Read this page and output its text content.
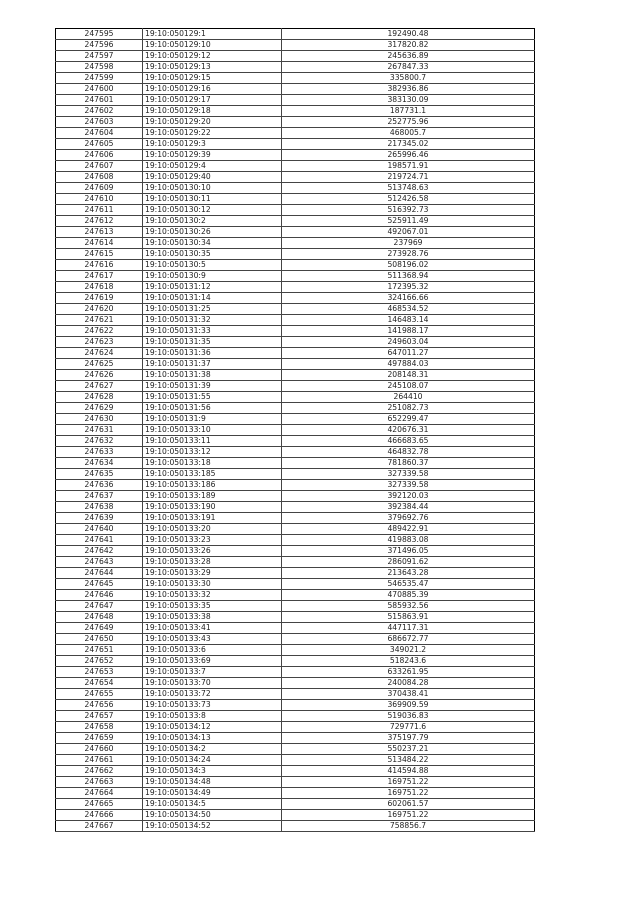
247595	19:10:050129:1	192490.48
247596	19:10:050129:10	317820.82
247597	19:10:050129:12	245636.89
247598	19:10:050129:13	267847.33
247599	19:10:050129:15	335800.7
247600	19:10:050129:16	382936.86
247601	19:10:050129:17	383130.09
247602	19:10:050129:18	187731.1
247603	19:10:050129:20	252775.96
247604	19:10:050129:22	468005.7
247605	19:10:050129:3	217345.02
247606	19:10:050129:39	265996.46
247607	19:10:050129:4	198571.91
247608	19:10:050129:40	219724.71
247609	19:10:050130:10	513748.63
247610	19:10:050130:11	512426.58
247611	19:10:050130:12	516392.73
247612	19:10:050130:2	525911.49
247613	19:10:050130:26	492067.01
247614	19:10:050130:34	237969
247615	19:10:050130:35	273928.76
247616	19:10:050130:5	508196.02
247617	19:10:050130:9	511368.94
247618	19:10:050131:12	172395.32
247619	19:10:050131:14	324166.66
247620	19:10:050131:25	468534.52
247621	19:10:050131:32	146483.14
247622	19:10:050131:33	141988.17
247623	19:10:050131:35	249603.04
247624	19:10:050131:36	647011.27
247625	19:10:050131:37	497884.03
247626	19:10:050131:38	208148.31
247627	19:10:050131:39	245108.07
247628	19:10:050131:55	264410
247629	19:10:050131:56	251082.73
247630	19:10:050131:9	652299.47
247631	19:10:050133:10	420676.31
247632	19:10:050133:11	466683.65
247633	19:10:050133:12	464832.78
247634	19:10:050133:18	781860.37
247635	19:10:050133:185	327339.58
247636	19:10:050133:186	327339.58
247637	19:10:050133:189	392120.03
247638	19:10:050133:190	392384.44
247639	19:10:050133:191	379692.76
247640	19:10:050133:20	489422.91
247641	19:10:050133:23	419883.08
247642	19:10:050133:26	371496.05
247643	19:10:050133:28	286091.62
247644	19:10:050133:29	213643.28
247645	19:10:050133:30	546535.47
247646	19:10:050133:32	470885.39
247647	19:10:050133:35	585932.56
247648	19:10:050133:38	515863.91
247649	19:10:050133:41	447117.31
247650	19:10:050133:43	686672.77
247651	19:10:050133:6	349021.2
247652	19:10:050133:69	518243.6
247653	19:10:050133:7	633261.95
247654	19:10:050133:70	240084.28
247655	19:10:050133:72	370438.41
247656	19:10:050133:73	369909.59
247657	19:10:050133:8	519036.83
247658	19:10:050134:12	729771.6
247659	19:10:050134:13	375197.79
247660	19:10:050134:2	550237.21
247661	19:10:050134:24	513484.22
247662	19:10:050134:3	414594.88
247663	19:10:050134:48	169751.22
247664	19:10:050134:49	169751.22
247665	19:10:050134:5	602061.57
247666	19:10:050134:50	169751.22
247667	19:10:050134:52	758856.7
